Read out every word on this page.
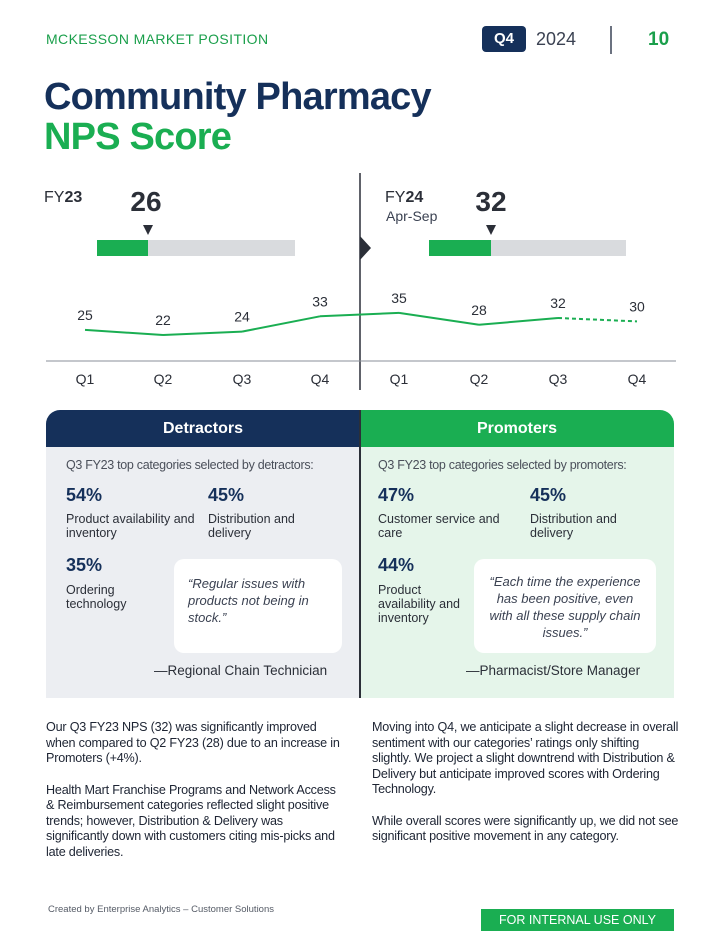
MCKESSON MARKET POSITION	Q4	2024	10
Community Pharmacy
NPS Score
FY23	FY24
Apr-Sep
26	32
25	22	24
33	35
28	32	30
Q1	Q2	Q3	Q4	Q1	Q2	Q3	Q4
Detractors	Promoters
Q3 FY23 top categories selected by detractors:
54%
Product availability and inventory
45%
Distribution and delivery
35%
Ordering technology
“Regular issues with products not being in stock.”
—Regional Chain Technician
Q3 FY23 top categories selected by promoters:
47%
Customer service and care
45%
Distribution and delivery
44%
Product availability and inventory
“Each time the experience has been positive, even with all these supply chain issues.”
—Pharmacist/Store Manager

Our Q3 FY23 NPS (32) was significantly improved when compared to Q2 FY23 (28) due to an increase in Promoters (+4%).

Health Mart Franchise Programs and Network Access & Reimbursement categories reflected slight positive trends; however, Distribution & Delivery was significantly down with customers citing mis-picks and late deliveries.

Moving into Q4, we anticipate a slight decrease in overall sentiment with our categories’ ratings only shifting slightly. We project a slight downtrend with Distribution & Delivery but anticipate improved scores with Ordering Technology.

While overall scores were significantly up, we did not see significant positive movement in any category.

Created by Enterprise Analytics – Customer Solutions
FOR INTERNAL USE ONLY
